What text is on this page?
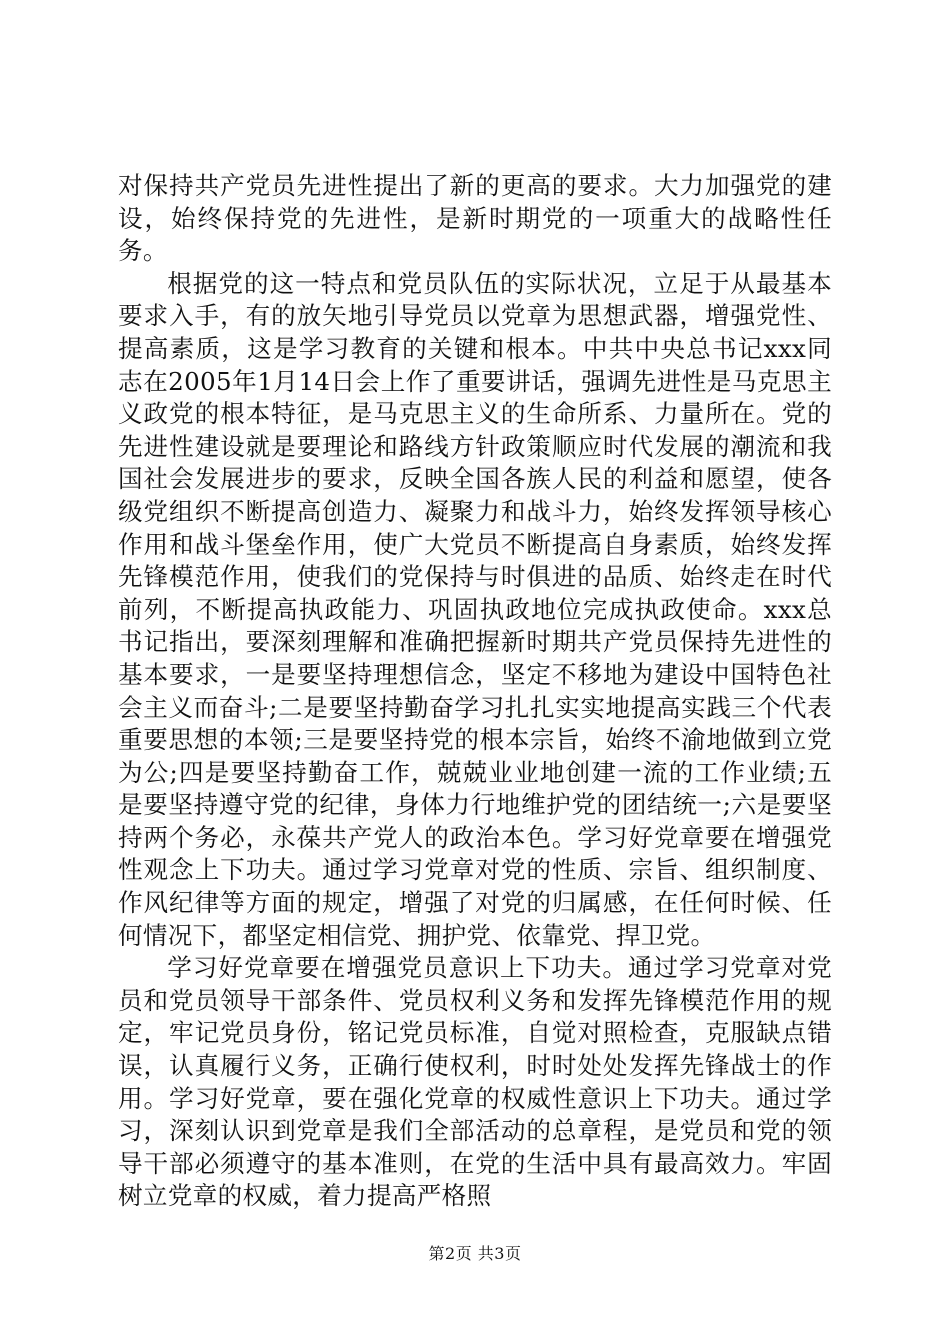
对保持共产党员先进性提出了新的更高的要求。大力加强党的建设，始终保持党的先进性，是新时期党的一项重大的战略性任务。

根据党的这一特点和党员队伍的实际状况，立足于从最基本要求入手，有的放矢地引导党员以党章为思想武器，增强党性、提高素质，这是学习教育的关键和根本。中共中央总书记xxx同志在2005年1月14日会上作了重要讲话，强调先进性是马克思主义政党的根本特征，是马克思主义的生命所系、力量所在。党的先进性建设就是要理论和路线方针政策顺应时代发展的潮流和我国社会发展进步的要求，反映全国各族人民的利益和愿望，使各级党组织不断提高创造力、凝聚力和战斗力，始终发挥领导核心作用和战斗堡垒作用，使广大党员不断提高自身素质，始终发挥先锋模范作用，使我们的党保持与时俱进的品质、始终走在时代前列，不断提高执政能力、巩固执政地位完成执政使命。xxx总书记指出，要深刻理解和准确把握新时期共产党员保持先进性的基本要求，一是要坚持理想信念，坚定不移地为建设中国特色社会主义而奋斗;二是要坚持勤奋学习扎扎实实地提高实践三个代表重要思想的本领;三是要坚持党的根本宗旨，始终不渝地做到立党为公;四是要坚持勤奋工作，兢兢业业地创建一流的工作业绩;五是要坚持遵守党的纪律，身体力行地维护党的团结统一;六是要坚持两个务必，永葆共产党人的政治本色。学习好党章要在增强党性观念上下功夫。通过学习党章对党的性质、宗旨、组织制度、作风纪律等方面的规定，增强了对党的归属感，在任何时候、任何情况下，都坚定相信党、拥护党、依靠党、捍卫党。

学习好党章要在增强党员意识上下功夫。通过学习党章对党员和党员领导干部条件、党员权利义务和发挥先锋模范作用的规定，牢记党员身份，铭记党员标准，自觉对照检查，克服缺点错误，认真履行义务，正确行使权利，时时处处发挥先锋战士的作用。学习好党章，要在强化党章的权威性意识上下功夫。通过学习，深刻认识到党章是我们全部活动的总章程，是党员和党的领导干部必须遵守的基本准则，在党的生活中具有最高效力。牢固树立党章的权威，着力提高严格照

第2页 共3页
